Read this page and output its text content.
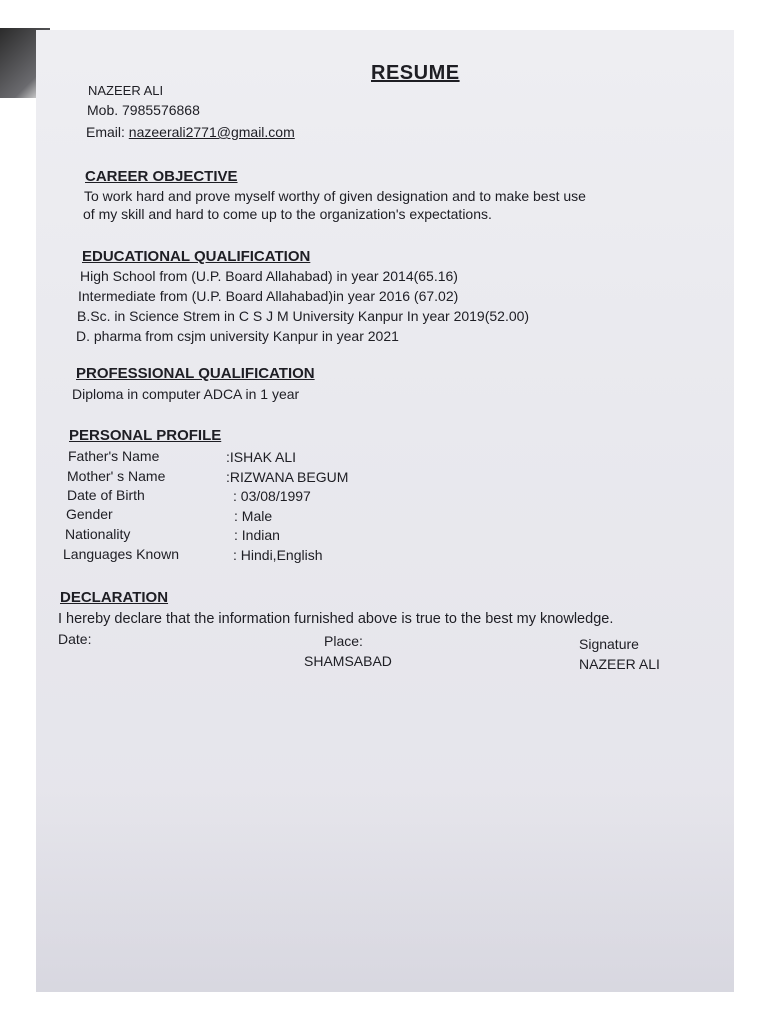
RESUME
NAZEER ALI
Mob. 7985576868
Email: nazeerali2771@gmail.com
CAREER OBJECTIVE
To work hard and prove myself worthy of given designation and to make best use
of my skill and hard to come up to the organization's expectations.
EDUCATIONAL QUALIFICATION
High School from (U.P. Board Allahabad) in year 2014(65.16)
Intermediate from (U.P. Board Allahabad)in year 2016 (67.02)
B.Sc. in Science Strem in C S J M University Kanpur In year 2019(52.00)
D. pharma from csjm university Kanpur in year 2021
PROFESSIONAL QUALIFICATION
Diploma in computer ADCA in 1 year
PERSONAL PROFILE
Father's Name	:ISHAK ALI
Mother' s Name	:RIZWANA BEGUM
Date of Birth	: 03/08/1997
Gender	: Male
Nationality	: Indian
Languages Known	: Hindi,English
DECLARATION
I hereby declare that the information furnished above is true to the best my knowledge.
Date:	Place:
SHAMSABAD
Signature
NAZEER ALI
